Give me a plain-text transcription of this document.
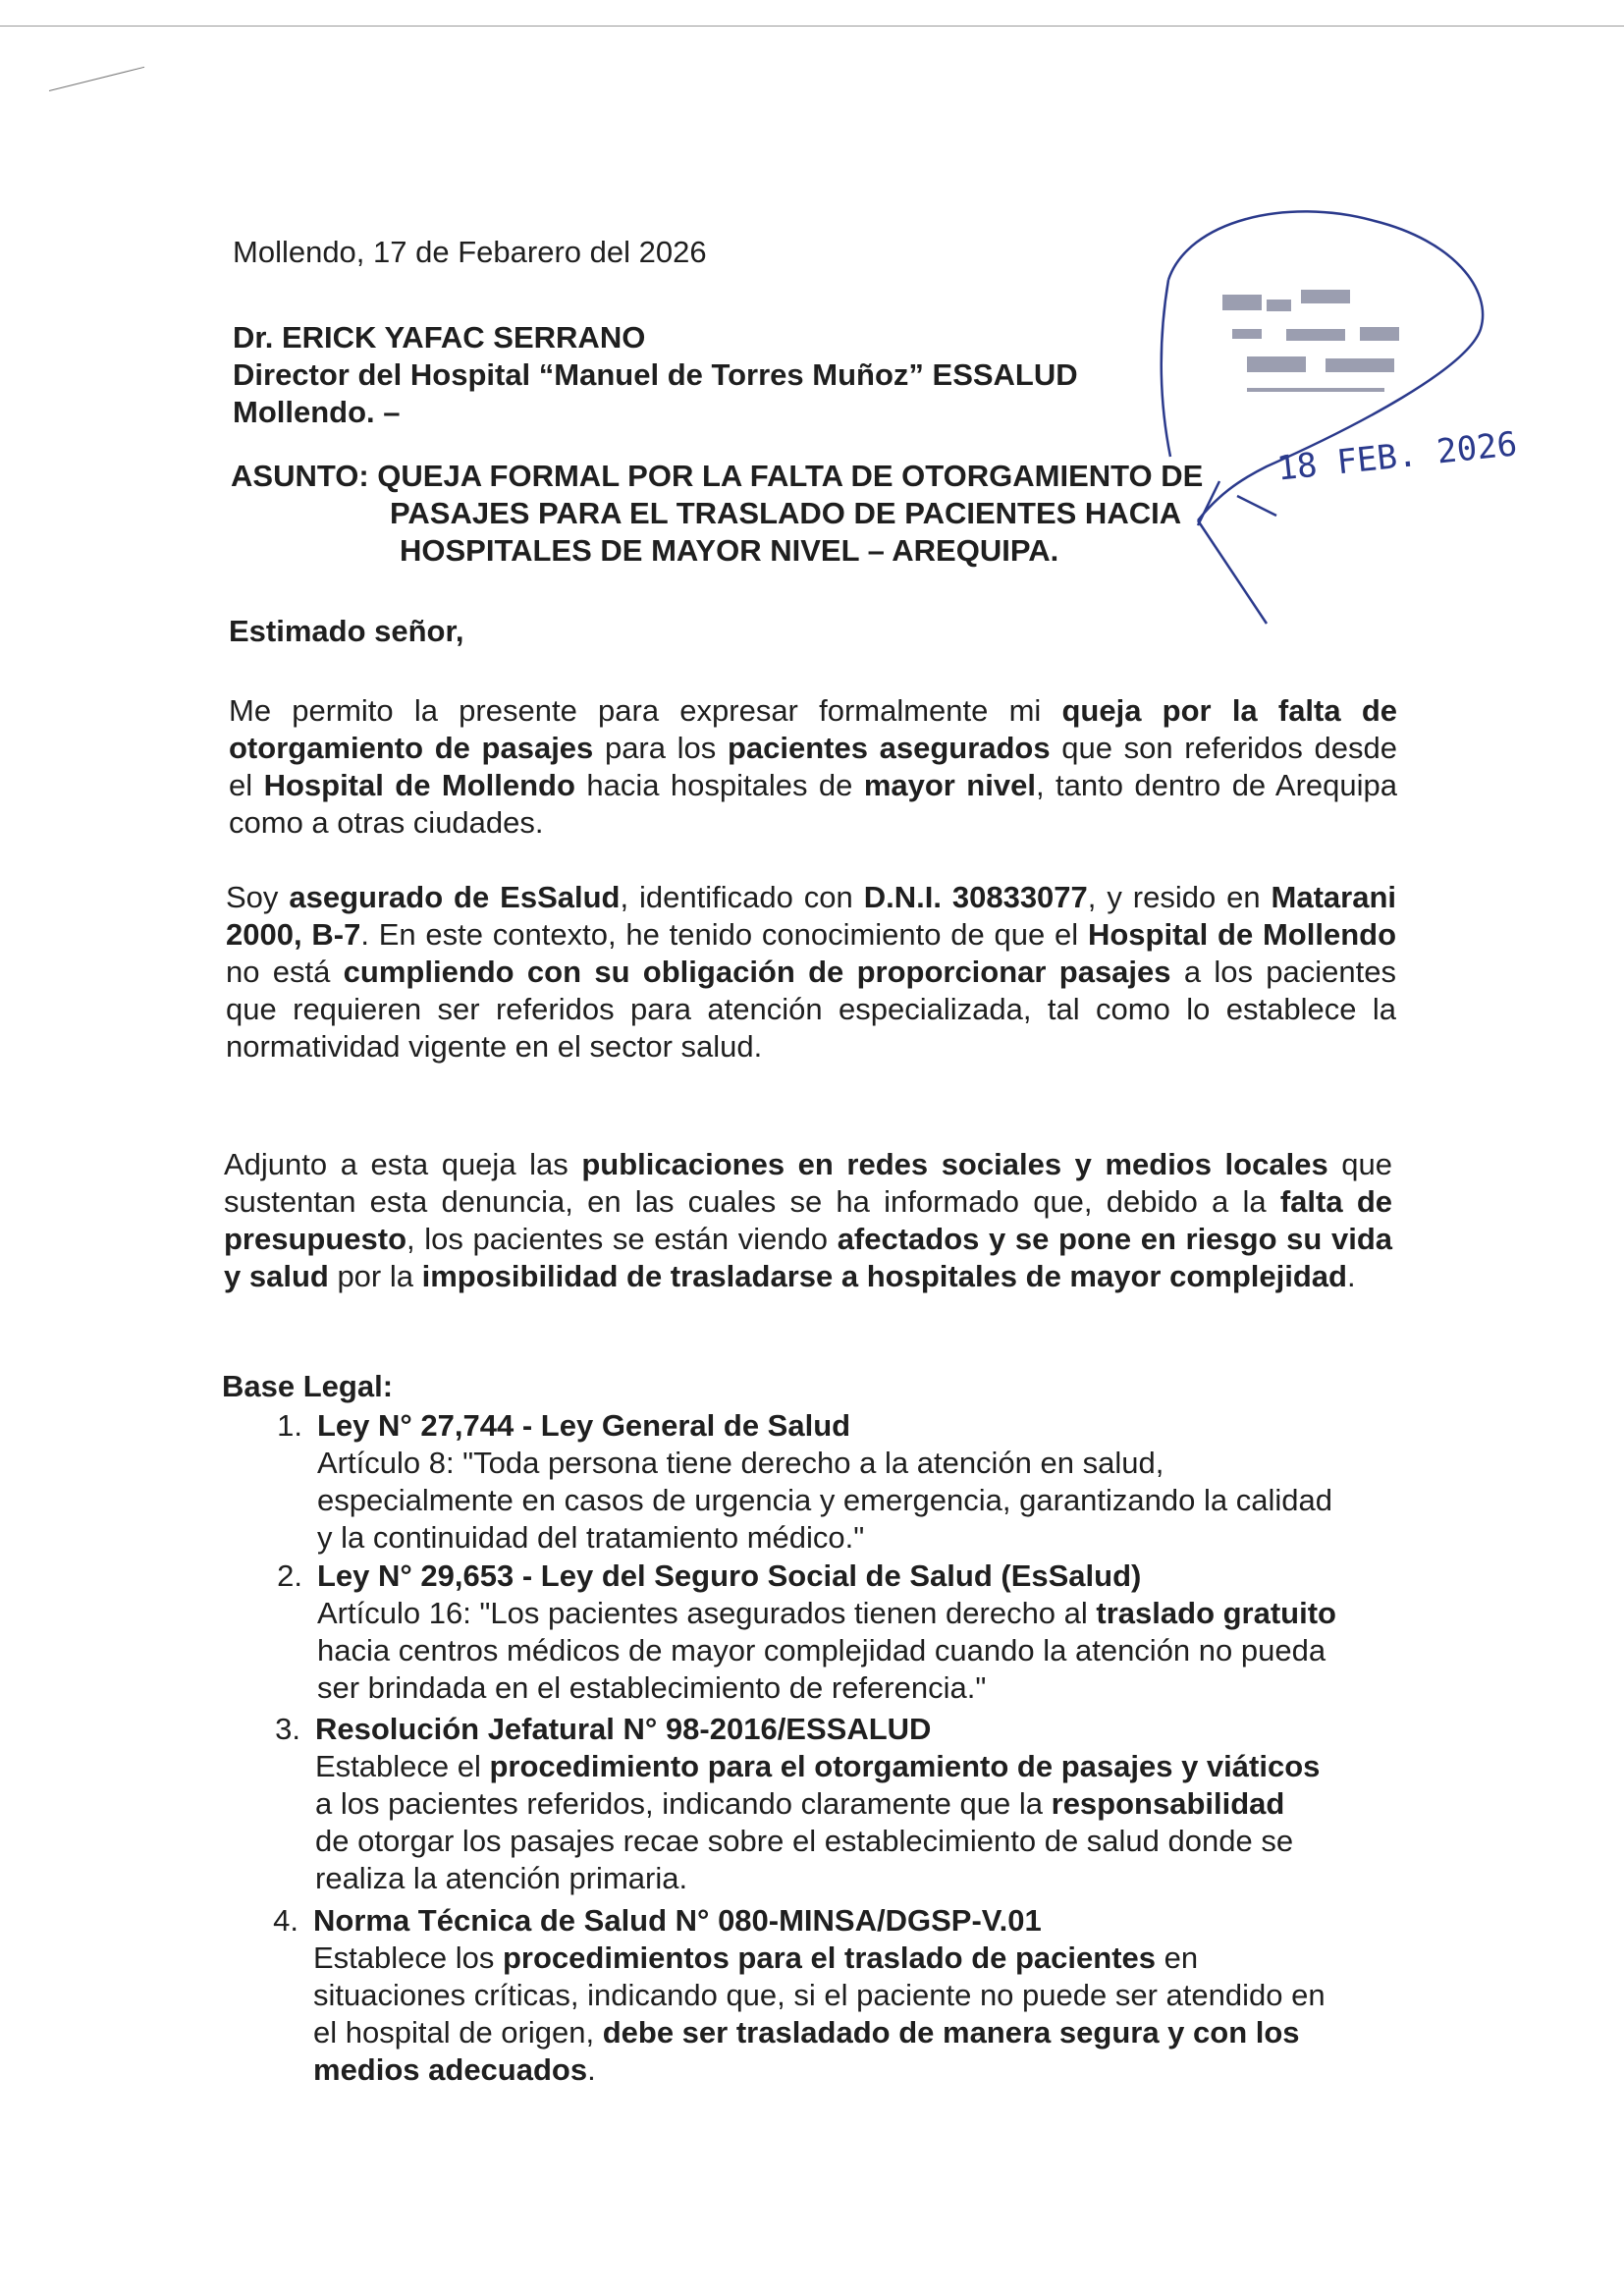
Mollendo, 17 de Febarero del 2026
Dr. ERICK YAFAC SERRANO
Director del Hospital “Manuel de Torres Muñoz” ESSALUD
Mollendo. –
ASUNTO: QUEJA FORMAL POR LA FALTA DE OTORGAMIENTO DE
PASAJES PARA EL TRASLADO DE PACIENTES HACIA
HOSPITALES DE MAYOR NIVEL – AREQUIPA.
Estimado señor,

Me permito la presente para expresar formalmente mi queja por la falta de otorgamiento de pasajes para los pacientes asegurados que son referidos desde el Hospital de Mollendo hacia hospitales de mayor nivel, tanto dentro de Arequipa como a otras ciudades.

Soy asegurado de EsSalud, identificado con D.N.I. 30833077, y resido en Matarani 2000, B-7. En este contexto, he tenido conocimiento de que el Hospital de Mollendo no está cumpliendo con su obligación de proporcionar pasajes a los pacientes que requieren ser referidos para atención especializada, tal como lo establece la normatividad vigente en el sector salud.

Adjunto a esta queja las publicaciones en redes sociales y medios locales que sustentan esta denuncia, en las cuales se ha informado que, debido a la falta de presupuesto, los pacientes se están viendo afectados y se pone en riesgo su vida y salud por la imposibilidad de trasladarse a hospitales de mayor complejidad.

Base Legal:
1. Ley N° 27,744 - Ley General de Salud
Artículo 8: "Toda persona tiene derecho a la atención en salud, especialmente en casos de urgencia y emergencia, garantizando la calidad y la continuidad del tratamiento médico."
2. Ley N° 29,653 - Ley del Seguro Social de Salud (EsSalud)
Artículo 16: "Los pacientes asegurados tienen derecho al traslado gratuito hacia centros médicos de mayor complejidad cuando la atención no pueda ser brindada en el establecimiento de referencia."
3. Resolución Jefatural N° 98-2016/ESSALUD
Establece el procedimiento para el otorgamiento de pasajes y viáticos a los pacientes referidos, indicando claramente que la responsabilidad de otorgar los pasajes recae sobre el establecimiento de salud donde se realiza la atención primaria.
4. Norma Técnica de Salud N° 080-MINSA/DGSP-V.01
Establece los procedimientos para el traslado de pacientes en situaciones críticas, indicando que, si el paciente no puede ser atendido en el hospital de origen, debe ser trasladado de manera segura y con los medios adecuados.
18 FEB. 2026
